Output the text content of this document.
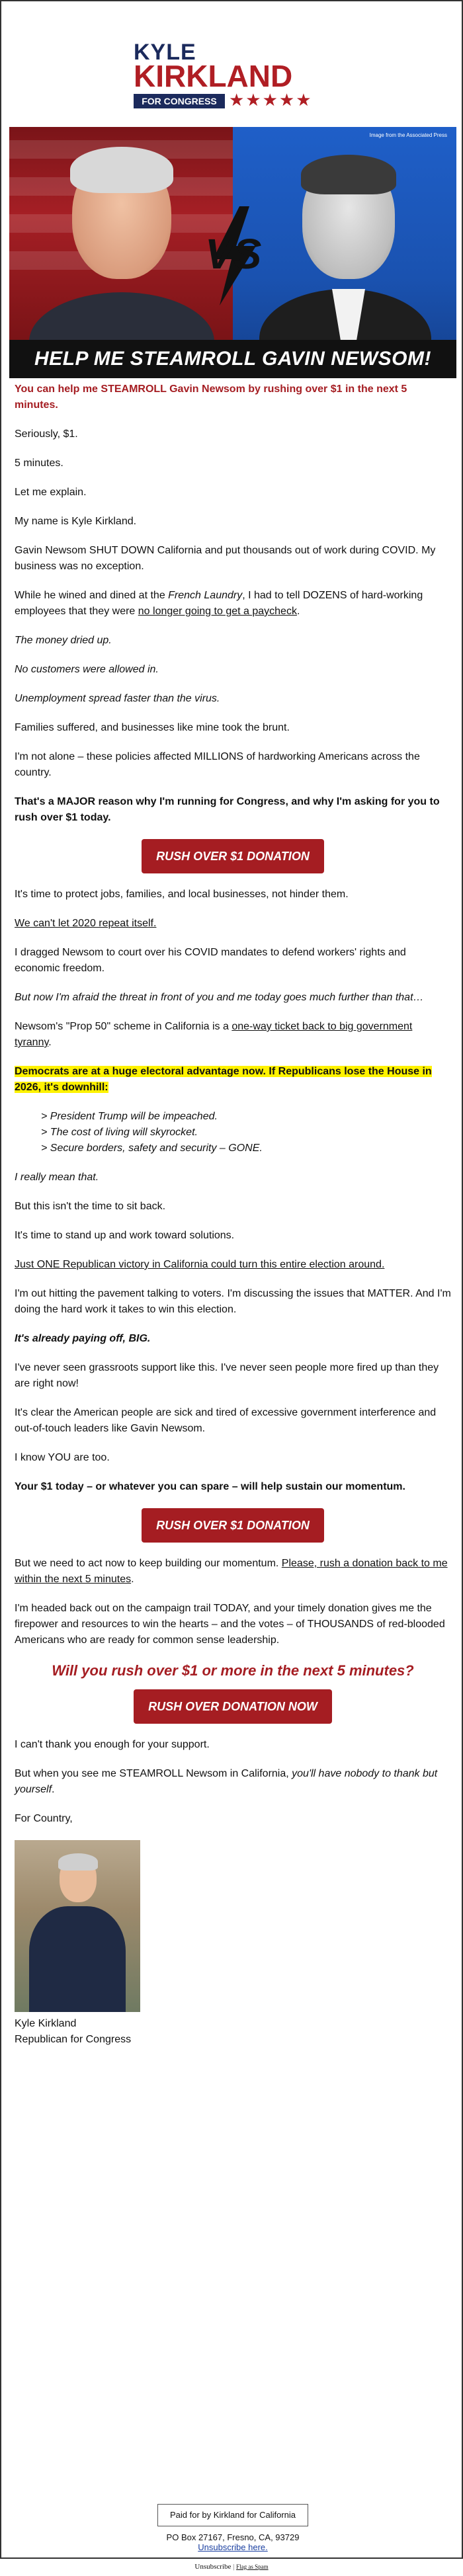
KYLE
KIRKLAND
FOR CONGRESS ★★★★★
Image from the Associated Press
VS
HELP ME STEAMROLL GAVIN NEWSOM!

You can help me STEAMROLL Gavin Newsom by rushing over $1 in the next 5 minutes.

Seriously, $1.

5 minutes.

Let me explain.

My name is Kyle Kirkland.

Gavin Newsom SHUT DOWN California and put thousands out of work during COVID. My business was no exception.

While he wined and dined at the French Laundry, I had to tell DOZENS of hard-working employees that they were no longer going to get a paycheck.

The money dried up.

No customers were allowed in.

Unemployment spread faster than the virus.

Families suffered, and businesses like mine took the brunt.

I'm not alone – these policies affected MILLIONS of hardworking Americans across the country.

That's a MAJOR reason why I'm running for Congress, and why I'm asking for you to rush over $1 today.

RUSH OVER $1 DONATION

It's time to protect jobs, families, and local businesses, not hinder them.

We can't let 2020 repeat itself.

I dragged Newsom to court over his COVID mandates to defend workers' rights and economic freedom.

But now I'm afraid the threat in front of you and me today goes much further than that…

Newsom's "Prop 50" scheme in California is a one-way ticket back to big government tyranny.

Democrats are at a huge electoral advantage now. If Republicans lose the House in 2026, it's downhill:

> President Trump will be impeached.
> The cost of living will skyrocket.
> Secure borders, safety and security – GONE.

I really mean that.

But this isn't the time to sit back.

It's time to stand up and work toward solutions.

Just ONE Republican victory in California could turn this entire election around.

I'm out hitting the pavement talking to voters. I'm discussing the issues that MATTER. And I'm doing the hard work it takes to win this election.

It's already paying off, BIG.

I've never seen grassroots support like this. I've never seen people more fired up than they are right now!

It's clear the American people are sick and tired of excessive government interference and out-of-touch leaders like Gavin Newsom.

I know YOU are too.

Your $1 today – or whatever you can spare – will help sustain our momentum.

RUSH OVER $1 DONATION

But we need to act now to keep building our momentum. Please, rush a donation back to me within the next 5 minutes.

I'm headed back out on the campaign trail TODAY, and your timely donation gives me the firepower and resources to win the hearts – and the votes – of THOUSANDS of red-blooded Americans who are ready for common sense leadership.

Will you rush over $1 or more in the next 5 minutes?
RUSH OVER DONATION NOW

I can't thank you enough for your support.

But when you see me STEAMROLL Newsom in California, you'll have nobody to thank but yourself.

For Country,

Kyle Kirkland
Republican for Congress
Paid for by Kirkland for California
PO Box 27167, Fresno, CA, 93729
Unsubscribe here.
Unsubscribe | Flag as Spam
